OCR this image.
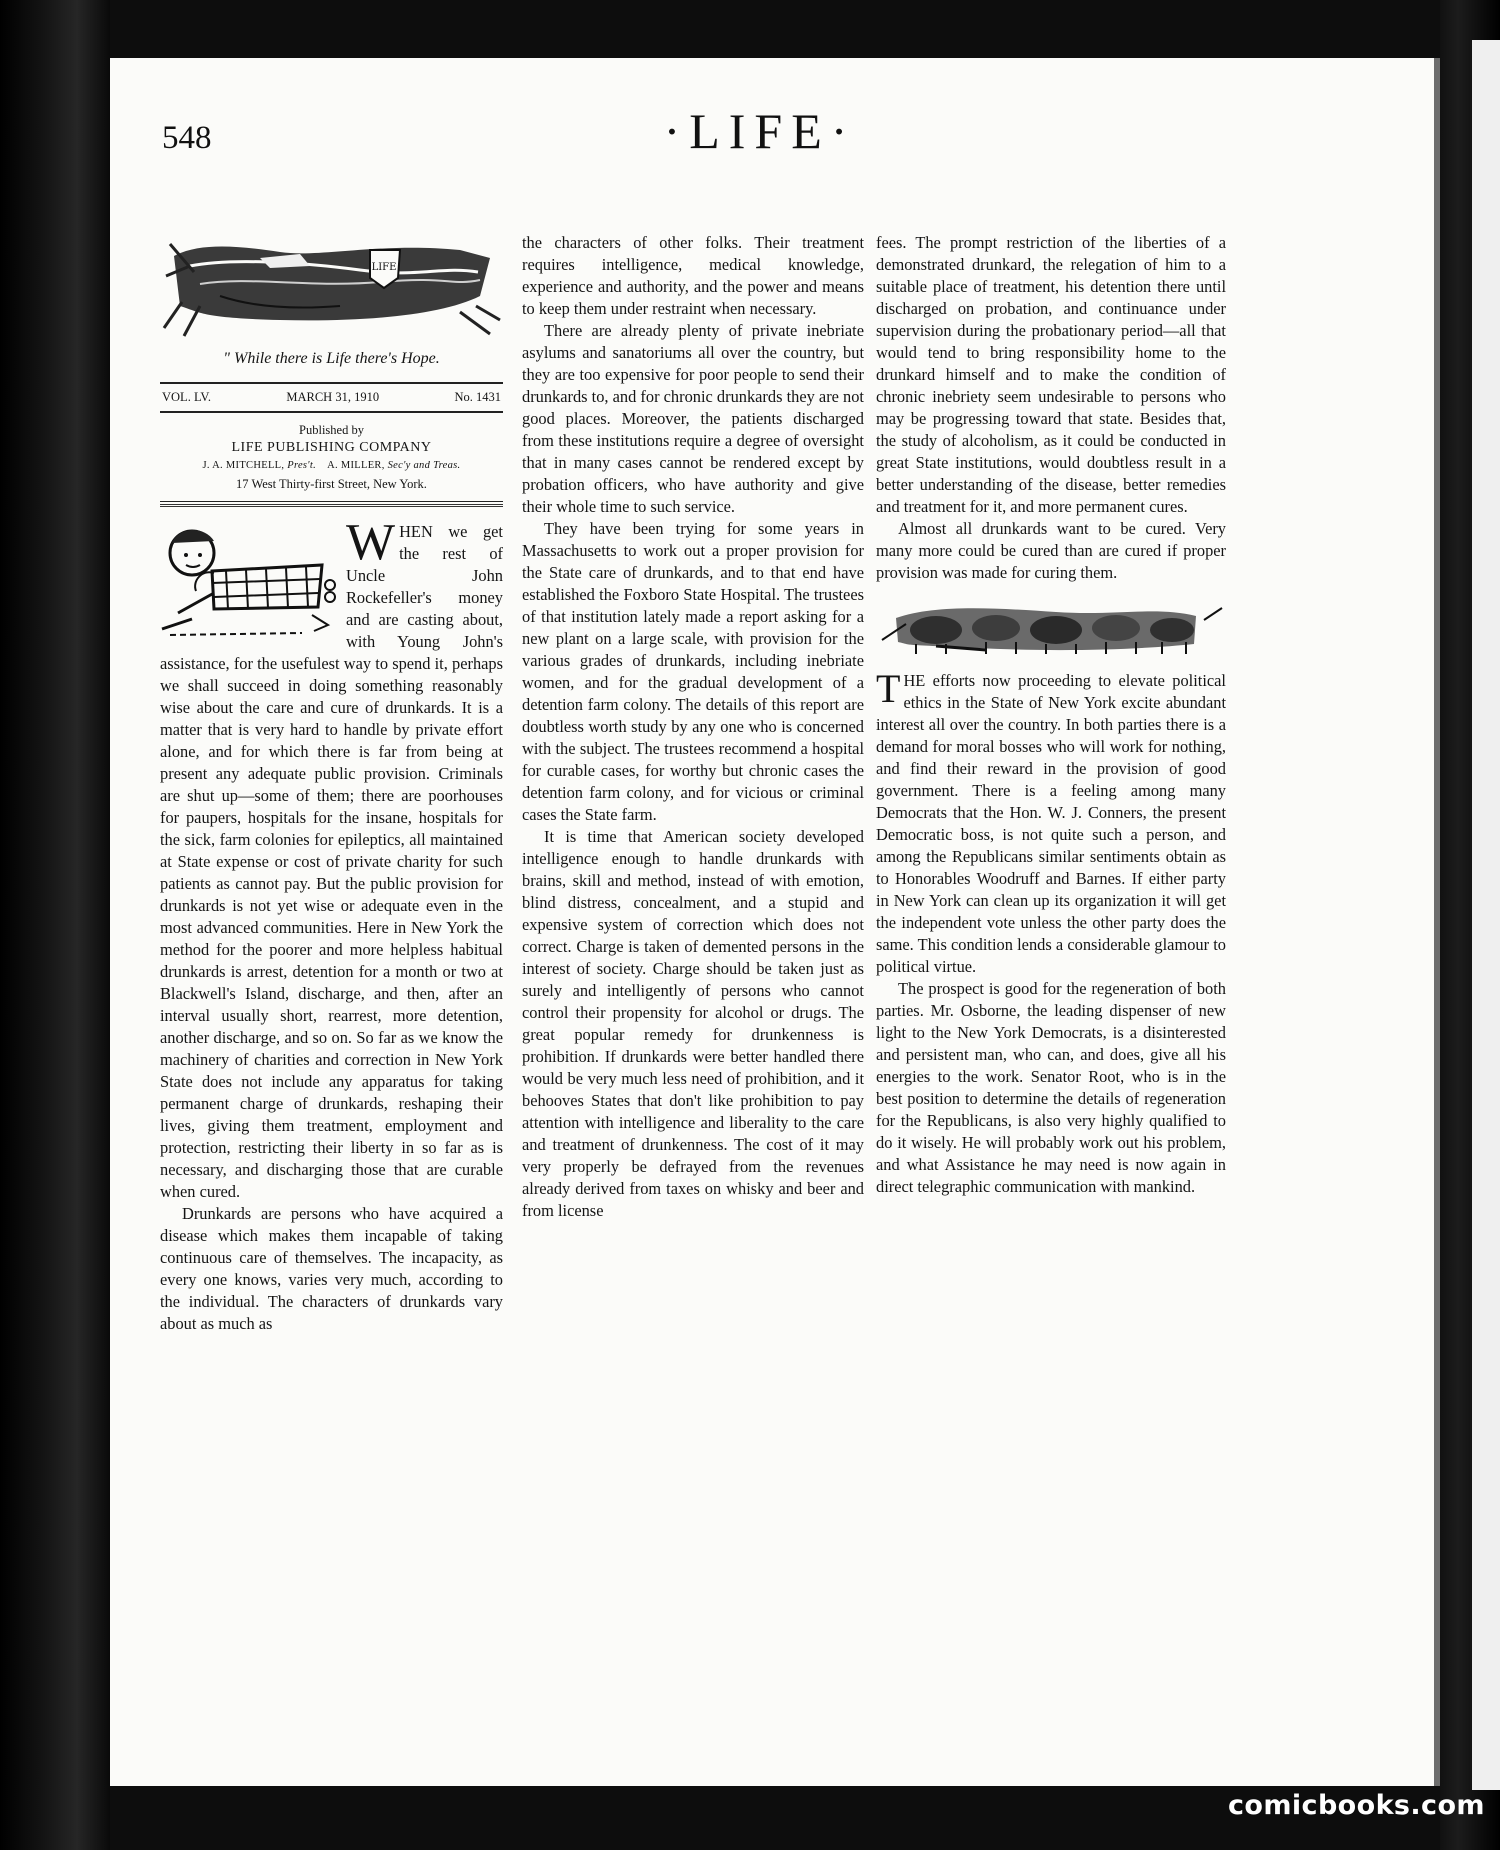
548	·LIFE·
LIFE
" While there is Life there's Hope.
VOL. LV.	MARCH 31, 1910	No. 1431
Published by
LIFE PUBLISHING COMPANY
J. A. MITCHELL, Pres't. A. MILLER, Sec'y and Treas.
17 West Thirty-first Street, New York.
W HEN we get the rest of Uncle John Rockefeller's money and are casting about, with Young John's assistance, for the usefulest way to spend it, perhaps we shall succeed in doing something reasonably wise about the care and cure of drunkards. It is a matter that is very hard to handle by private effort alone, and for which there is far from being at present any adequate public provision. Criminals are shut up—some of them; there are poorhouses for paupers, hospitals for the insane, hospitals for the sick, farm colonies for epileptics, all maintained at State expense or cost of private charity for such patients as cannot pay. But the public provision for drunkards is not yet wise or adequate even in the most advanced communities. Here in New York the method for the poorer and more helpless habitual drunkards is arrest, detention for a month or two at Blackwell's Island, discharge, and then, after an interval usually short, rearrest, more detention, another discharge, and so on. So far as we know the machinery of charities and correction in New York State does not include any apparatus for taking permanent charge of drunkards, reshaping their lives, giving them treatment, employment and protection, restricting their liberty in so far as is necessary, and discharging those that are curable when cured.

Drunkards are persons who have acquired a disease which makes them incapable of taking continuous care of themselves. The incapacity, as every one knows, varies very much, according to the individual. The characters of drunkards vary about as much as

the characters of other folks. Their treatment requires intelligence, medical knowledge, experience and authority, and the power and means to keep them under restraint when necessary.

There are already plenty of private inebriate asylums and sanatoriums all over the country, but they are too expensive for poor people to send their drunkards to, and for chronic drunkards they are not good places. Moreover, the patients discharged from these institutions require a degree of oversight that in many cases cannot be rendered except by probation officers, who have authority and give their whole time to such service.

They have been trying for some years in Massachusetts to work out a proper provision for the State care of drunkards, and to that end have established the Foxboro State Hospital. The trustees of that institution lately made a report asking for a new plant on a large scale, with provision for the various grades of drunkards, including inebriate women, and for the gradual development of a detention farm colony. The details of this report are doubtless worth study by any one who is concerned with the subject. The trustees recommend a hospital for curable cases, for worthy but chronic cases the detention farm colony, and for vicious or criminal cases the State farm.

It is time that American society developed intelligence enough to handle drunkards with brains, skill and method, instead of with emotion, blind distress, concealment, and a stupid and expensive system of correction which does not correct. Charge is taken of demented persons in the interest of society. Charge should be taken just as surely and intelligently of persons who cannot control their propensity for alcohol or drugs. The great popular remedy for drunkenness is prohibition. If drunkards were better handled there would be very much less need of prohibition, and it behooves States that don't like prohibition to pay attention with intelligence and liberality to the care and treatment of drunkenness. The cost of it may very properly be defrayed from the revenues already derived from taxes on whisky and beer and from license

fees. The prompt restriction of the liberties of a demonstrated drunkard, the relegation of him to a suitable place of treatment, his detention there until discharged on probation, and continuance under supervision during the probationary period—all that would tend to bring responsibility home to the drunkard himself and to make the condition of chronic inebriety seem undesirable to persons who may be progressing toward that state. Besides that, the study of alcoholism, as it could be conducted in great State institutions, would doubtless result in a better understanding of the disease, better remedies and treatment for it, and more permanent cures.

Almost all drunkards want to be cured. Very many more could be cured than are cured if proper provision was made for curing them.

T HE efforts now proceeding to elevate political ethics in the State of New York excite abundant interest all over the country. In both parties there is a demand for moral bosses who will work for nothing, and find their reward in the provision of good government. There is a feeling among many Democrats that the Hon. W. J. Conners, the present Democratic boss, is not quite such a person, and among the Republicans similar sentiments obtain as to Honorables Woodruff and Barnes. If either party in New York can clean up its organization it will get the independent vote unless the other party does the same. This condition lends a considerable glamour to political virtue.

The prospect is good for the regeneration of both parties. Mr. Osborne, the leading dispenser of new light to the New York Democrats, is a disinterested and persistent man, who can, and does, give all his energies to the work. Senator Root, who is in the best position to determine the details of regeneration for the Republicans, is also very highly qualified to do it wisely. He will probably work out his problem, and what Assistance he may need is now again in direct telegraphic communication with mankind.

comicbooks.com
